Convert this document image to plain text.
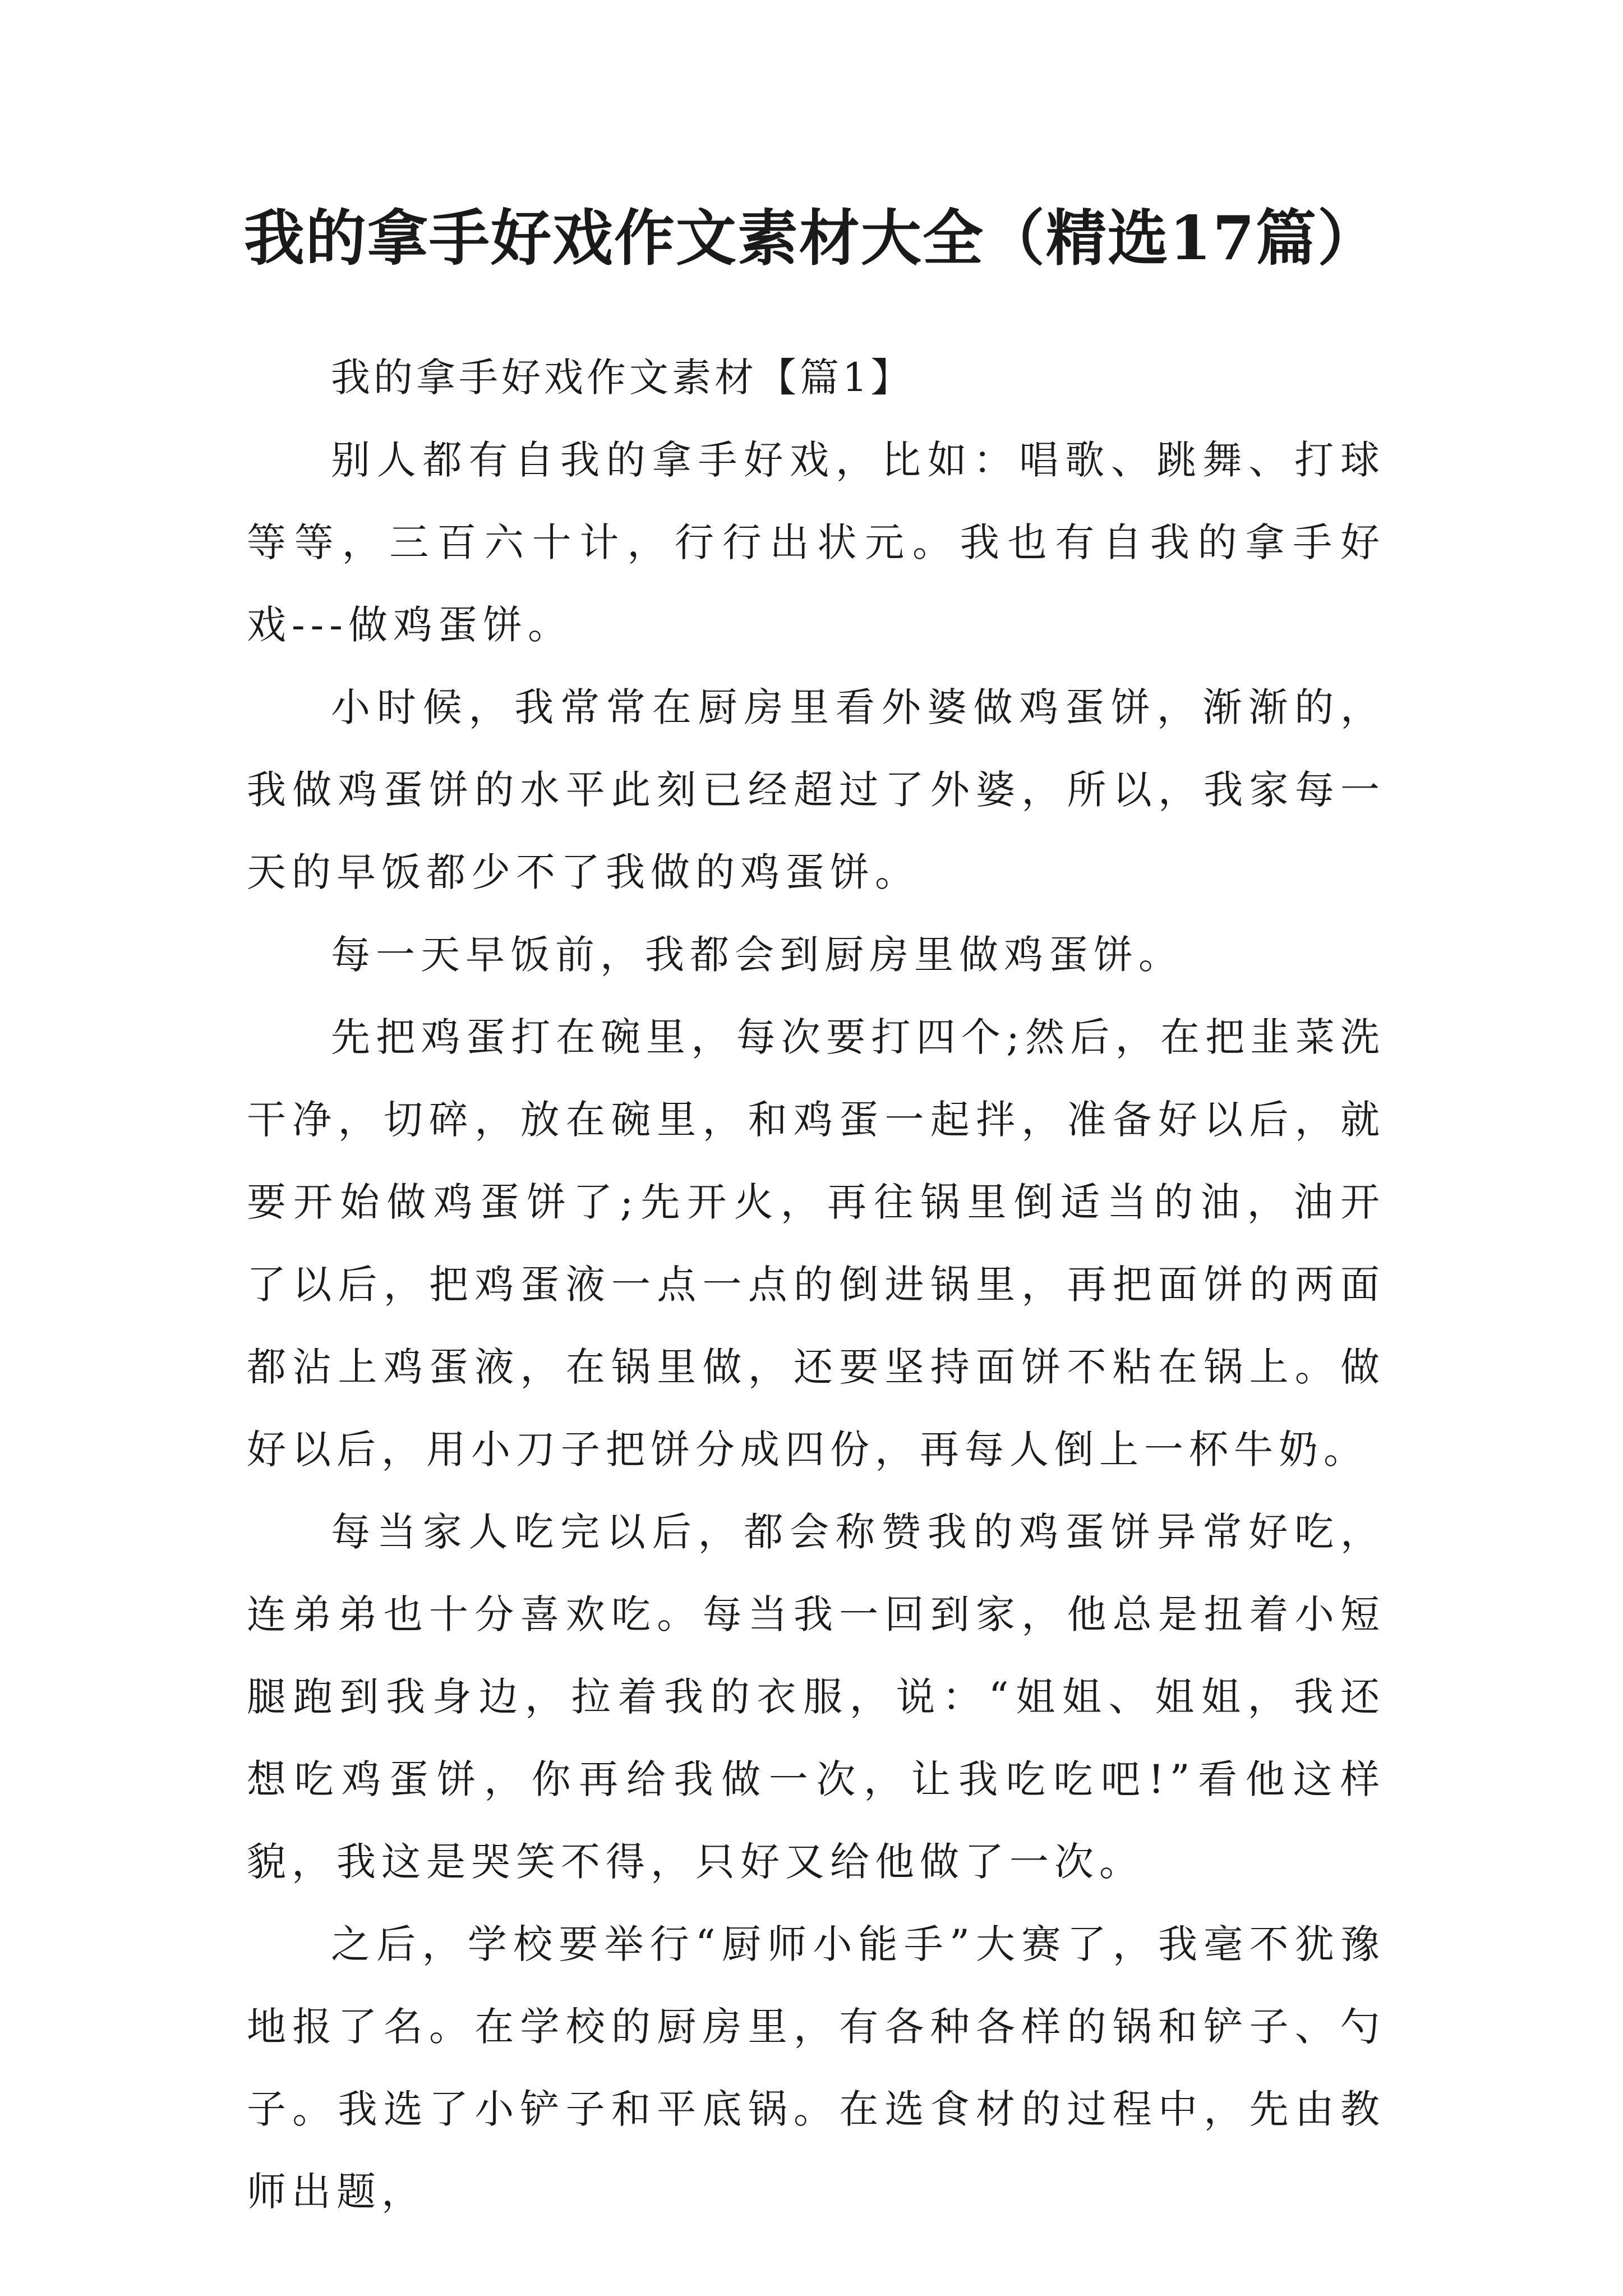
我的拿手好戏作文素材大全（精选17篇）

我的拿手好戏作文素材【篇1】

别人都有自我的拿手好戏，比如：唱歌、跳舞、打球等等，三百六十计，行行出状元。我也有自我的拿手好戏---做鸡蛋饼。

小时候，我常常在厨房里看外婆做鸡蛋饼，渐渐的，我做鸡蛋饼的水平此刻已经超过了外婆，所以，我家每一天的早饭都少不了我做的鸡蛋饼。

每一天早饭前，我都会到厨房里做鸡蛋饼。

先把鸡蛋打在碗里，每次要打四个;然后，在把韭菜洗干净，切碎，放在碗里，和鸡蛋一起拌，准备好以后，就要开始做鸡蛋饼了;先开火，再往锅里倒适当的油，油开了以后，把鸡蛋液一点一点的倒进锅里，再把面饼的两面都沾上鸡蛋液，在锅里做，还要坚持面饼不粘在锅上。做好以后，用小刀子把饼分成四份，再每人倒上一杯牛奶。

每当家人吃完以后，都会称赞我的鸡蛋饼异常好吃，连弟弟也十分喜欢吃。每当我一回到家，他总是扭着小短腿跑到我身边，拉着我的衣服，说：“姐姐、姐姐，我还想吃鸡蛋饼，你再给我做一次，让我吃吃吧!”看他这样貌，我这是哭笑不得，只好又给他做了一次。

之后，学校要举行“厨师小能手”大赛了，我毫不犹豫地报了名。在学校的厨房里，有各种各样的锅和铲子、勺子。我选了小铲子和平底锅。在选食材的过程中，先由教师出题，
